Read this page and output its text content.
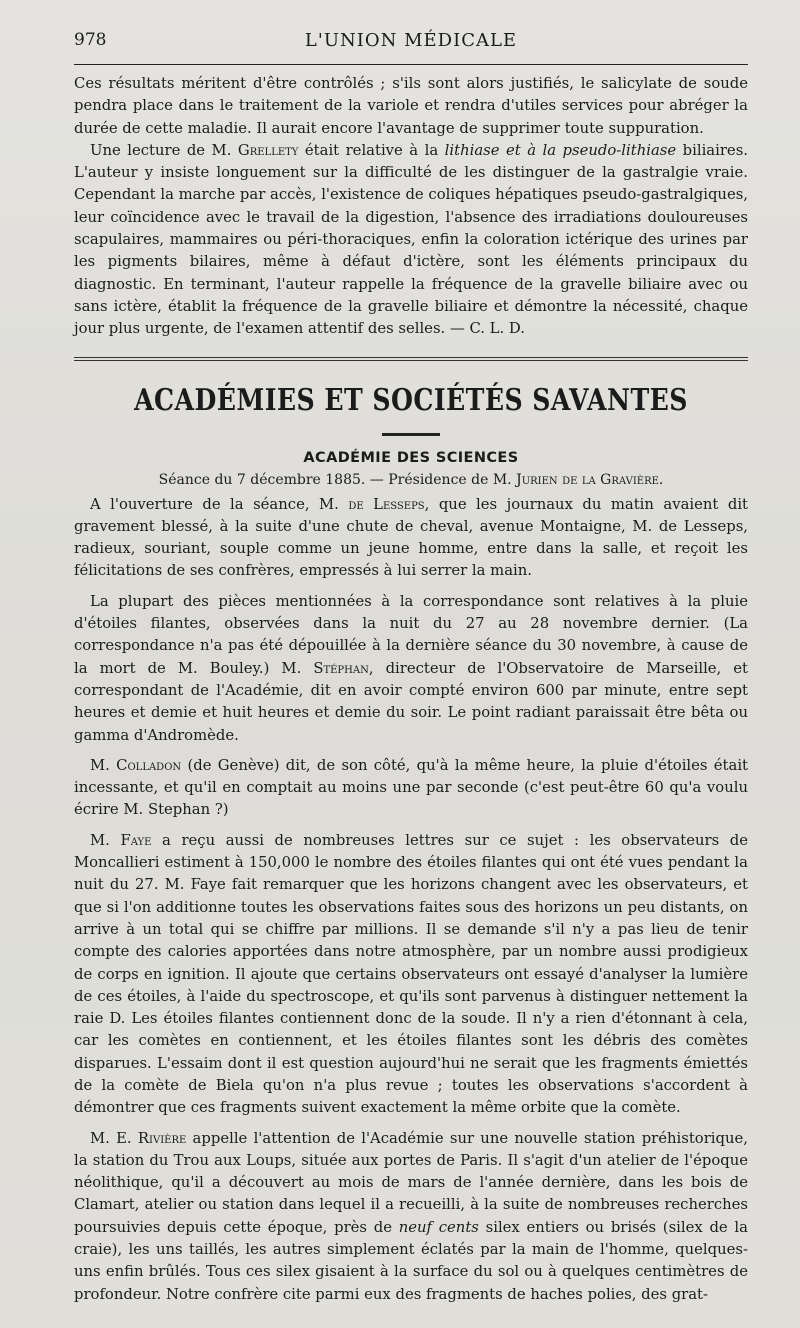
978	L'UNION MÉDICALE

Ces résultats méritent d'être contrôlés ; s'ils sont alors justifiés, le salicylate de soude pendra place dans le traitement de la variole et rendra d'utiles services pour abréger la durée de cette maladie. Il aurait encore l'avantage de supprimer toute suppuration.

Une lecture de M. Grellety était relative à la lithiase et à la pseudo-lithiase biliaires. L'auteur y insiste longuement sur la difficulté de les distinguer de la gastralgie vraie. Cependant la marche par accès, l'existence de coliques hépatiques pseudo-gastralgiques, leur coïncidence avec le travail de la digestion, l'absence des irradiations douloureuses scapulaires, mammaires ou péri-thoraciques, enfin la coloration ictérique des urines par les pigments bilaires, même à défaut d'ictère, sont les éléments principaux du diagnostic. En terminant, l'auteur rappelle la fréquence de la gravelle biliaire avec ou sans ictère, établit la fréquence de la gravelle biliaire et démontre la nécessité, chaque jour plus urgente, de l'examen attentif des selles. — C. L. D.

ACADÉMIES ET SOCIÉTÉS SAVANTES
ACADÉMIE DES SCIENCES
Séance du 7 décembre 1885. — Présidence de M. Jurien de la Gravière.

A l'ouverture de la séance, M. de Lesseps, que les journaux du matin avaient dit gravement blessé, à la suite d'une chute de cheval, avenue Montaigne, M. de Lesseps, radieux, souriant, souple comme un jeune homme, entre dans la salle, et reçoit les félicitations de ses confrères, empressés à lui serrer la main.

La plupart des pièces mentionnées à la correspondance sont relatives à la pluie d'étoiles filantes, observées dans la nuit du 27 au 28 novembre dernier. (La correspondance n'a pas été dépouillée à la dernière séance du 30 novembre, à cause de la mort de M. Bouley.) M. Stéphan, directeur de l'Observatoire de Marseille, et correspondant de l'Académie, dit en avoir compté environ 600 par minute, entre sept heures et demie et huit heures et demie du soir. Le point radiant paraissait être bêta ou gamma d'Andromède.

M. Colladon (de Genève) dit, de son côté, qu'à la même heure, la pluie d'étoiles était incessante, et qu'il en comptait au moins une par seconde (c'est peut-être 60 qu'a voulu écrire M. Stephan ?)

M. Faye a reçu aussi de nombreuses lettres sur ce sujet : les observateurs de Moncallieri estiment à 150,000 le nombre des étoiles filantes qui ont été vues pendant la nuit du 27. M. Faye fait remarquer que les horizons changent avec les observateurs, et que si l'on additionne toutes les observations faites sous des horizons un peu distants, on arrive à un total qui se chiffre par millions. Il se demande s'il n'y a pas lieu de tenir compte des calories apportées dans notre atmosphère, par un nombre aussi prodigieux de corps en ignition. Il ajoute que certains observateurs ont essayé d'analyser la lumière de ces étoiles, à l'aide du spectroscope, et qu'ils sont parvenus à distinguer nettement la raie D. Les étoiles filantes contiennent donc de la soude. Il n'y a rien d'étonnant à cela, car les comètes en contiennent, et les étoiles filantes sont les débris des comètes disparues. L'essaim dont il est question aujourd'hui ne serait que les fragments émiettés de la comète de Biela qu'on n'a plus revue ; toutes les observations s'accordent à démontrer que ces fragments suivent exactement la même orbite que la comète.

M. E. Rivière appelle l'attention de l'Académie sur une nouvelle station préhistorique, la station du Trou aux Loups, située aux portes de Paris. Il s'agit d'un atelier de l'époque néolithique, qu'il a découvert au mois de mars de l'année dernière, dans les bois de Clamart, atelier ou station dans lequel il a recueilli, à la suite de nombreuses recherches poursuivies depuis cette époque, près de neuf cents silex entiers ou brisés (silex de la craie), les uns taillés, les autres simplement éclatés par la main de l'homme, quelques-uns enfin brûlés. Tous ces silex gisaient à la surface du sol ou à quelques centimètres de profondeur. Notre confrère cite parmi eux des fragments de haches polies, des grat-
